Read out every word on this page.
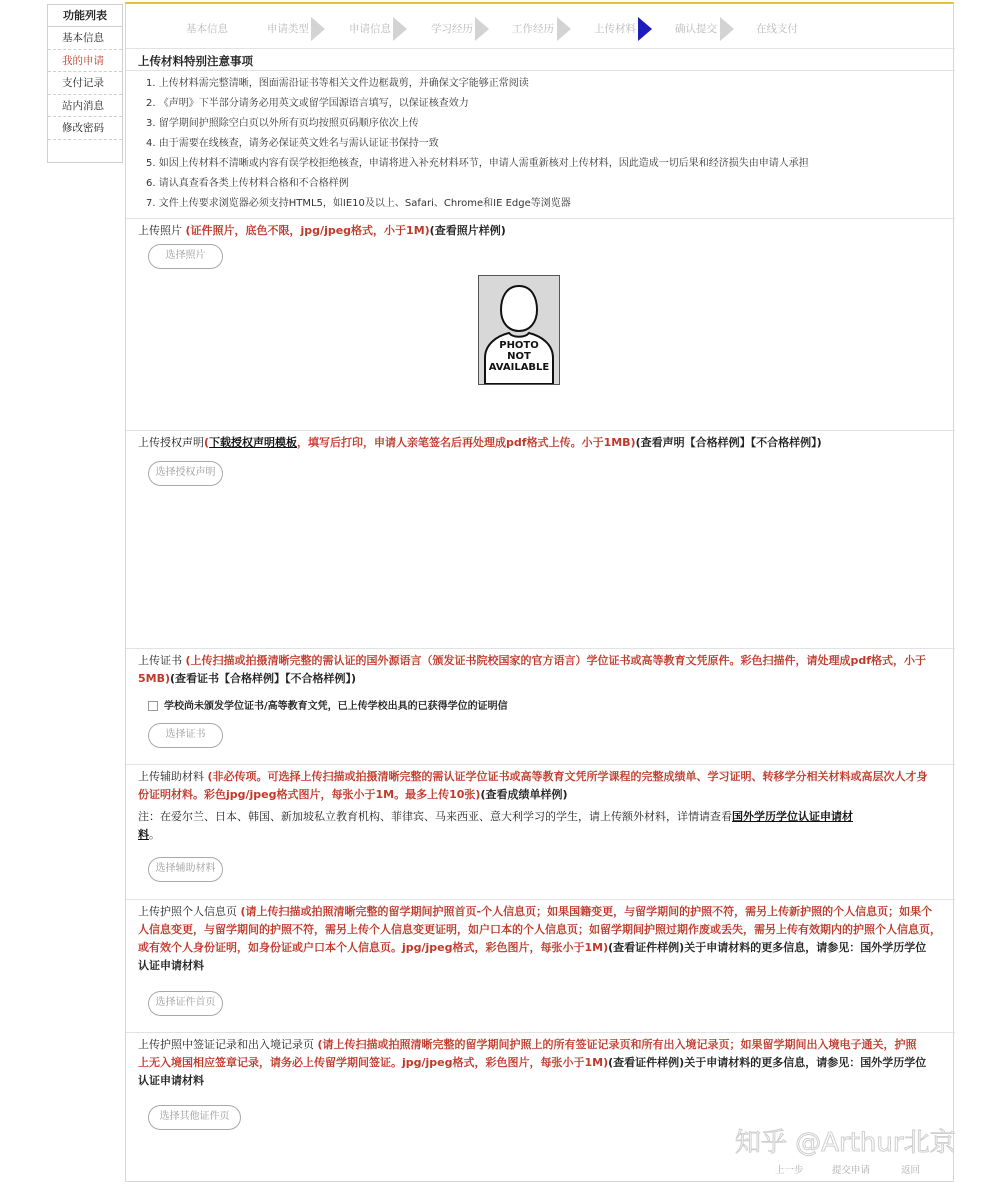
功能列表
基本信息
我的申请
支付记录
站内消息
修改密码
基本信息	申请类型	申请信息	学习经历	工作经历	上传材料	确认提交	在线支付
上传材料特别注意事项
1. 上传材料需完整清晰，图面需沿证书等相关文件边框裁剪，并确保文字能够正常阅读
2. 《声明》下半部分请务必用英文或留学国源语言填写，以保证核查效力
3. 留学期间护照除空白页以外所有页均按照页码顺序依次上传
4. 由于需要在线核查，请务必保证英文姓名与需认证证书保持一致
5. 如因上传材料不清晰或内容有误学校拒绝核查，申请将进入补充材料环节，申请人需重新核对上传材料，因此造成一切后果和经济损失由申请人承担
6. 请认真查看各类上传材料合格和不合格样例
7. 文件上传要求浏览器必须支持HTML5，如IE10及以上、Safari、Chrome和IE Edge等浏览器
上传照片 (证件照片，底色不限，jpg/jpeg格式，小于1M)(查看照片样例)
选择照片
PHOTO
NOT
AVAILABLE
上传授权声明(下载授权声明模板，填写后打印，申请人亲笔签名后再处理成pdf格式上传。小于1MB)(查看声明【合格样例】【不合格样例】)
选择授权声明
上传证书 (上传扫描或拍摄清晰完整的需认证的国外源语言（颁发证书院校国家的官方语言）学位证书或高等教育文凭原件。彩色扫描件，请处理成pdf格式，小于
5MB)(查看证书【合格样例】【不合格样例】)
学校尚未颁发学位证书/高等教育文凭，已上传学校出具的已获得学位的证明信
选择证书
上传辅助材料 (非必传项。可选择上传扫描或拍摄清晰完整的需认证学位证书或高等教育文凭所学课程的完整成绩单、学习证明、转移学分相关材料或高层次人才身
份证明材料。彩色jpg/jpeg格式图片，每张小于1M。最多上传10张)(查看成绩单样例)
注：在爱尔兰、日本、韩国、新加坡私立教育机构、菲律宾、马来西亚、意大利学习的学生，请上传额外材料，详情请查看国外学历学位认证申请材
料。
选择辅助材料
上传护照个人信息页 (请上传扫描或拍照清晰完整的留学期间护照首页-个人信息页；如果国籍变更，与留学期间的护照不符，需另上传新护照的个人信息页；如果个
人信息变更，与留学期间的护照不符，需另上传个人信息变更证明，如户口本的个人信息页；如留学期间护照过期作废或丢失，需另上传有效期内的护照个人信息页，
或有效个人身份证明，如身份证或户口本个人信息页。jpg/jpeg格式，彩色图片，每张小于1M)(查看证件样例)关于申请材料的更多信息，请参见：国外学历学位
认证申请材料
选择证件首页
上传护照中签证记录和出入境记录页 (请上传扫描或拍照清晰完整的留学期间护照上的所有签证记录页和所有出入境记录页；如果留学期间出入境电子通关，护照
上无入境国相应签章记录，请务必上传留学期间签证。jpg/jpeg格式，彩色图片，每张小于1M)(查看证件样例)关于申请材料的更多信息，请参见：国外学历学位
认证申请材料
选择其他证件页
上一步	提交申请	返回
知乎 @Arthur北京
